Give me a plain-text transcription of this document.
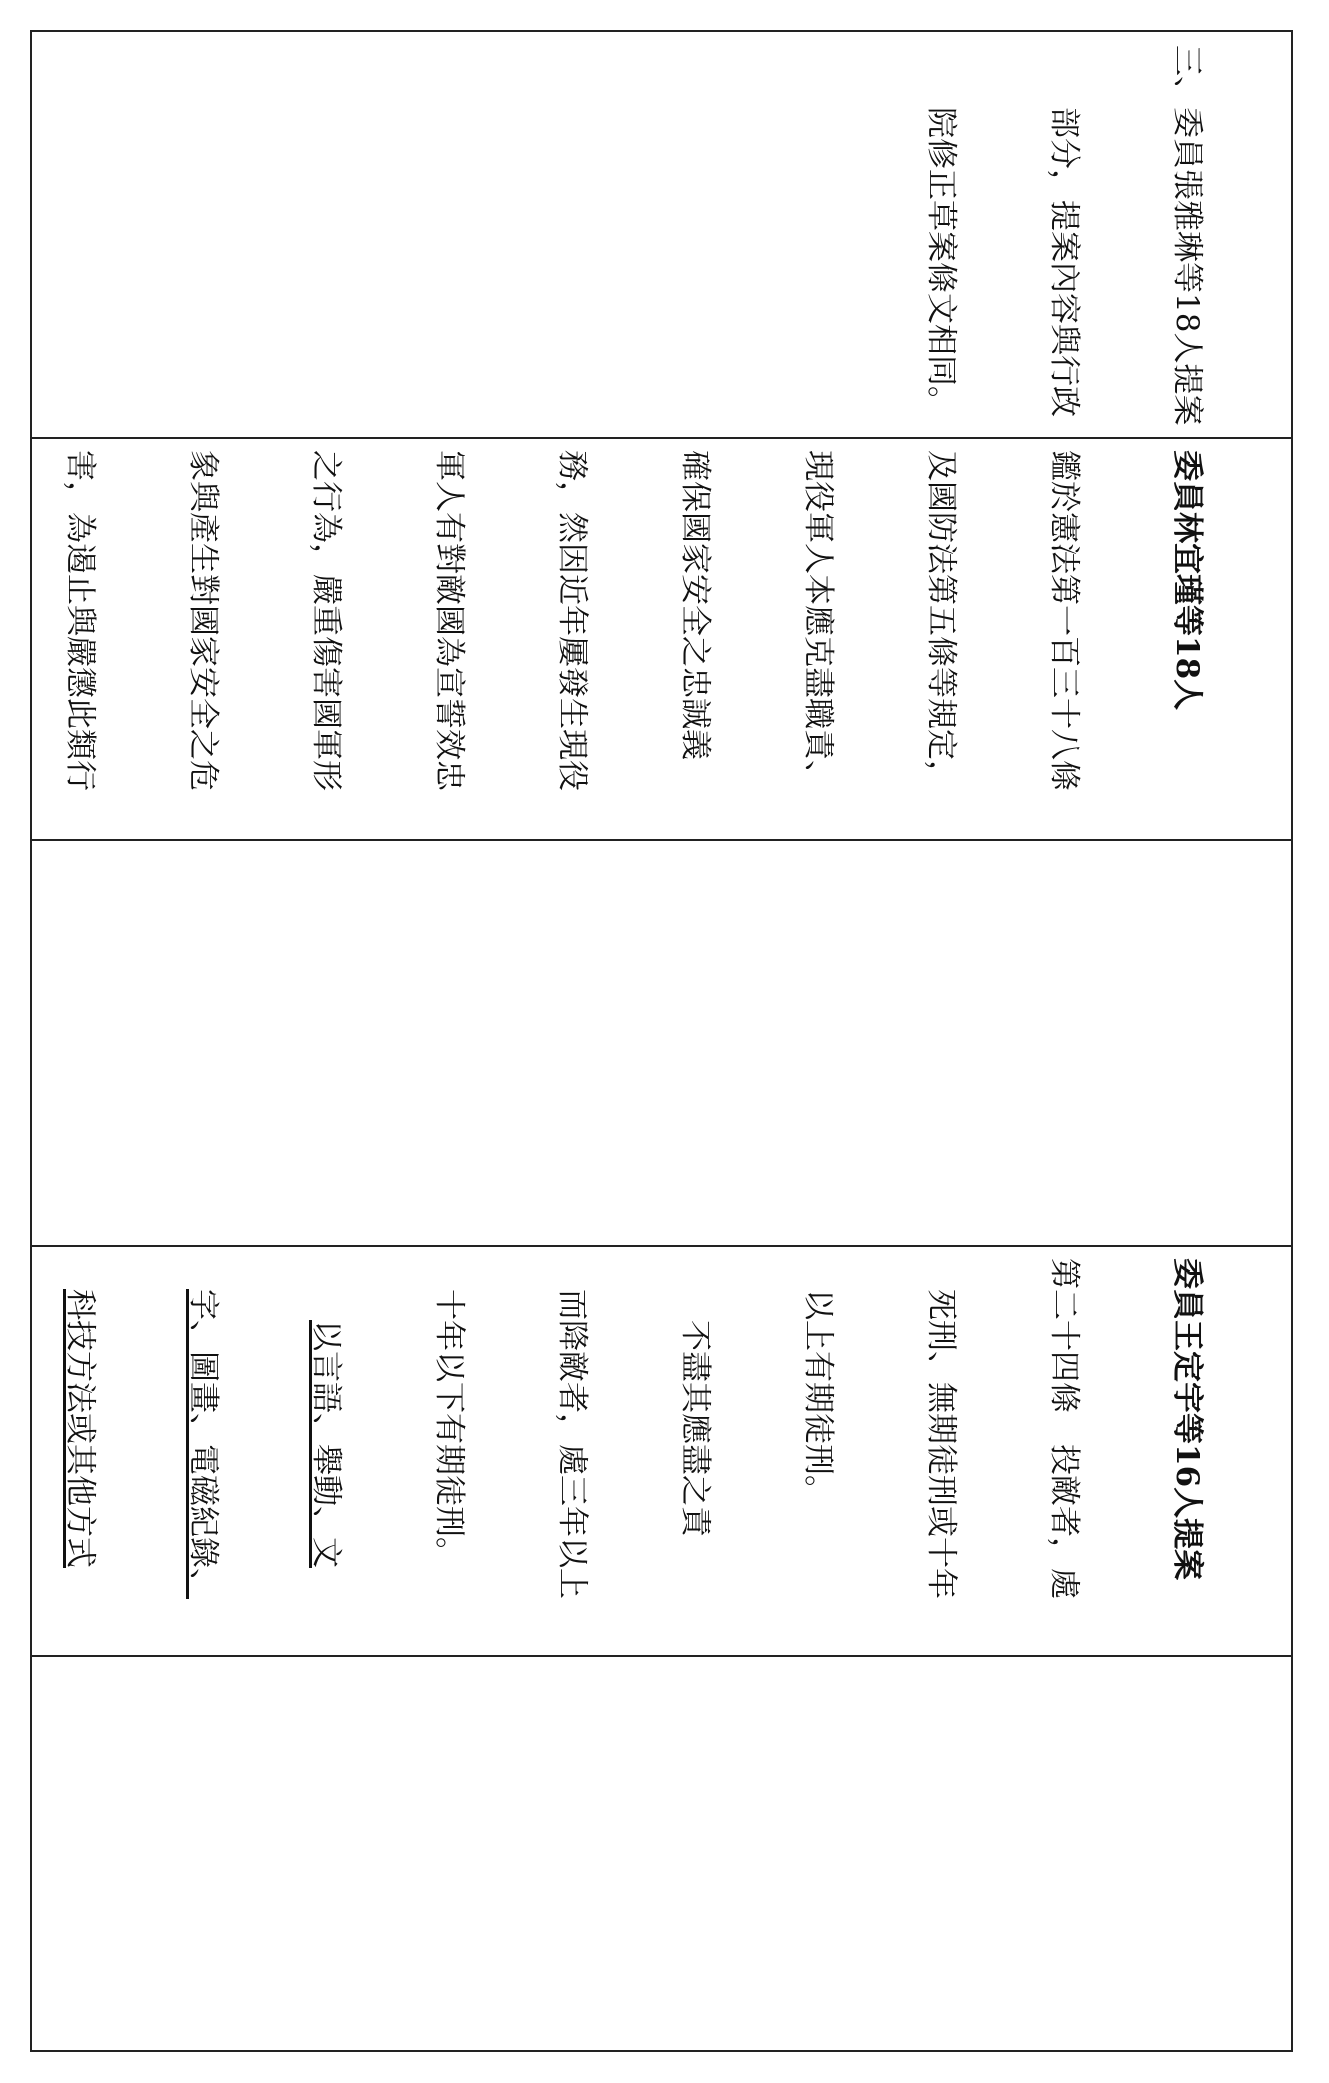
三、委員張雅琳等18人提案

部分，提案內容與行政

院修正草案條文相同。

委員林宜瑾等18人

鑑於憲法第一百三十八條

及國防法第五條等規定，

現役軍人本應克盡職責、

確保國家安全之忠誠義

務，然因近年屢發生現役

軍人有對敵國為宣誓效忠

之行為，嚴重傷害國軍形

象與產生對國家安全之危

害，為遏止與嚴懲此類行

委員王定宇等16人提案

第二十四條　投敵者，處

死刑、無期徒刑或十年

以上有期徒刑。

不盡其應盡之責

而降敵者，處三年以上

十年以下有期徒刑。

以言語、舉動、文

字、圖畫、電磁紀錄、

科技方法或其他方式
